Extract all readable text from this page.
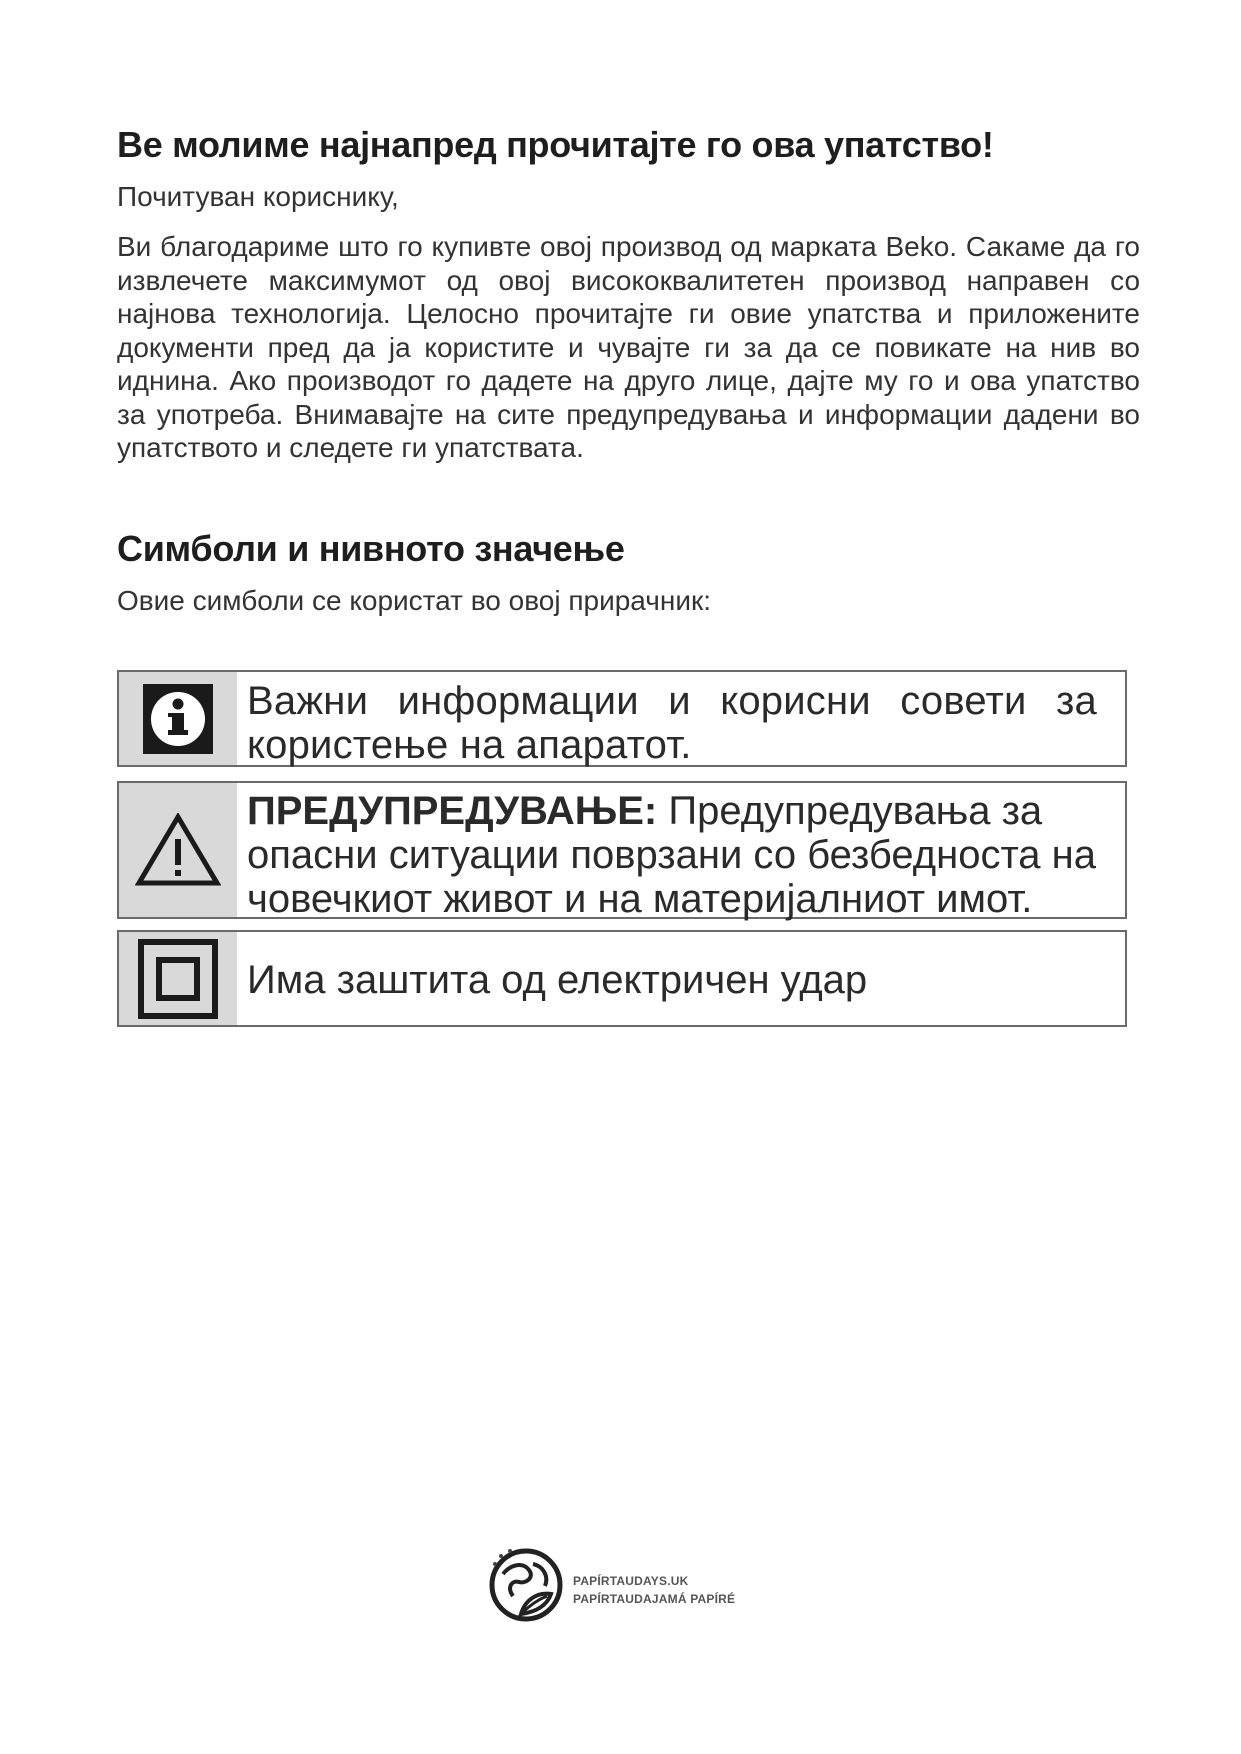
Ве молиме најнапред прочитајте го ова упатство!
Почитуван кориснику,
Ви благодариме што го купивте овој производ од марката Beko. Сакаме да го извлечете максимумот од овој висококвалитетен производ направен со најнова технологија. Целосно прочитајте ги овие упатства и приложените документи пред да ја користите и чувајте ги за да се повикате на нив во иднина. Ако производот го дадете на друго лице, дајте му го и ова упатство за употреба. Внимавајте на сите предупредувања и информации дадени во упатството и следете ги упатствата.
Симболи и нивното значење
Овие симболи се користат во овој прирачник:
Важни информации и корисни совети за
користење на апаратот.
ПРЕДУПРЕДУВАЊЕ: Предупредувања за
опасни ситуации поврзани со безбедноста на
човечкиот живот и на материјалниот имот.
Има заштита од електричен удар
PAPÍRTAUDAYS.UK
PAPÍRTAUDAJAMÁ PAPÍRÉ
